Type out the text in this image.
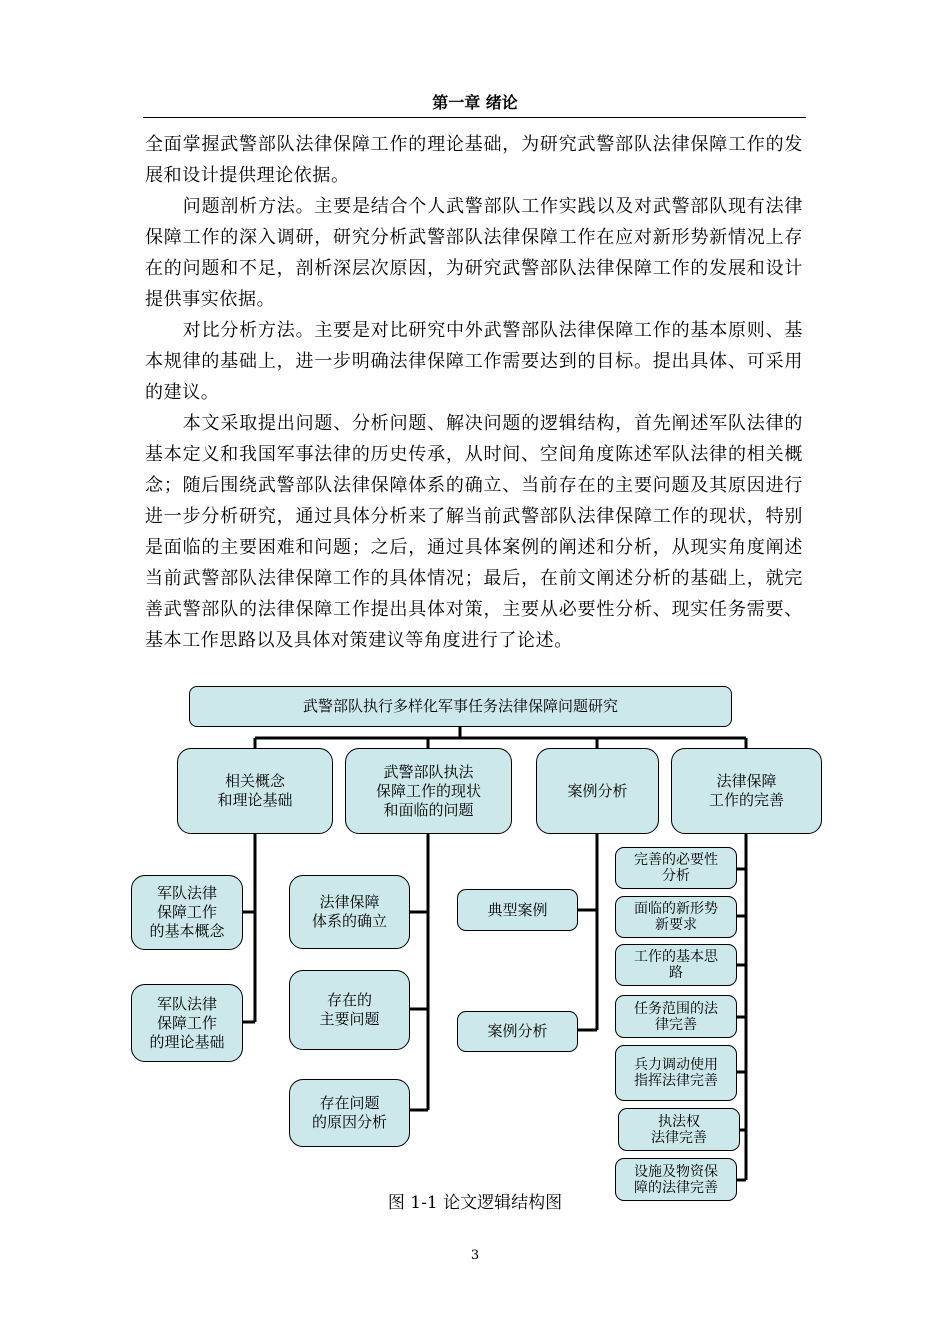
第一章 绪论

全面掌握武警部队法律保障工作的理论基础，为研究武警部队法律保障工作的发展和设计提供理论依据。

问题剖析方法。主要是结合个人武警部队工作实践以及对武警部队现有法律保障工作的深入调研，研究分析武警部队法律保障工作在应对新形势新情况上存在的问题和不足，剖析深层次原因，为研究武警部队法律保障工作的发展和设计提供事实依据。

对比分析方法。主要是对比研究中外武警部队法律保障工作的基本原则、基本规律的基础上，进一步明确法律保障工作需要达到的目标。提出具体、可采用的建议。

本文采取提出问题、分析问题、解决问题的逻辑结构，首先阐述军队法律的基本定义和我国军事法律的历史传承，从时间、空间角度陈述军队法律的相关概念；随后围绕武警部队法律保障体系的确立、当前存在的主要问题及其原因进行进一步分析研究，通过具体分析来了解当前武警部队法律保障工作的现状，特别是面临的主要困难和问题；之后，通过具体案例的阐述和分析，从现实角度阐述当前武警部队法律保障工作的具体情况；最后，在前文阐述分析的基础上，就完善武警部队的法律保障工作提出具体对策，主要从必要性分析、现实任务需要、基本工作思路以及具体对策建议等角度进行了论述。

武警部队执行多样化军事任务法律保障问题研究
相关概念
和理论基础
武警部队执法
保障工作的现状
和面临的问题
案例分析
法律保障
工作的完善
军队法律
保障工作
的基本概念
军队法律
保障工作
的理论基础
法律保障
体系的确立
存在的
主要问题
存在问题
的原因分析
典型案例
案例分析
完善的必要性
分析
面临的新形势
新要求
工作的基本思
路
任务范围的法
律完善
兵力调动使用
指挥法律完善
执法权
法律完善
设施及物资保
障的法律完善
图 1-1 论文逻辑结构图
3
